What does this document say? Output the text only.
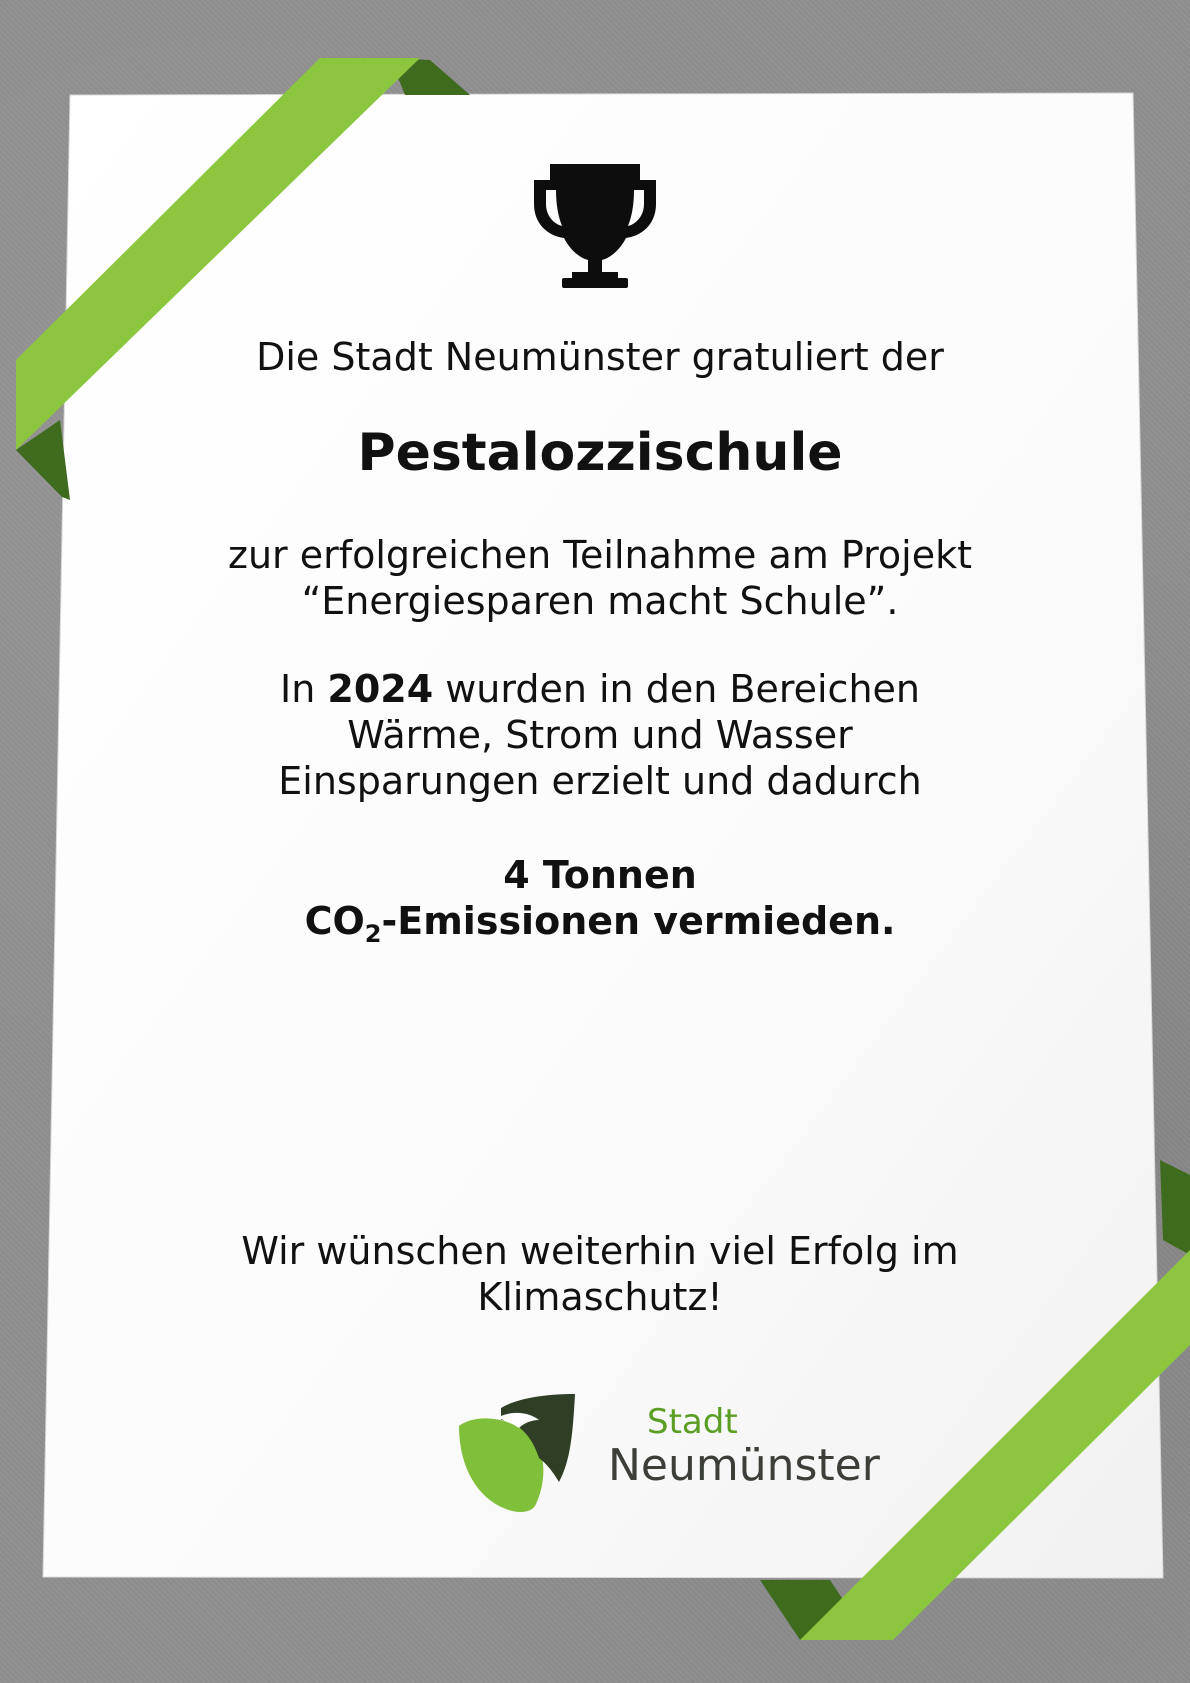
Die Stadt Neumünster gratuliert der
Pestalozzischule
zur erfolgreichen Teilnahme am Projekt
“Energiesparen macht Schule”.
In 2024 wurden in den Bereichen
Wärme, Strom und Wasser
Einsparungen erzielt und dadurch
4 Tonnen
$CO_2$-Emissionen vermieden.
Wir wünschen weiterhin viel Erfolg im
Klimaschutz!
Stadt
Neumünster
